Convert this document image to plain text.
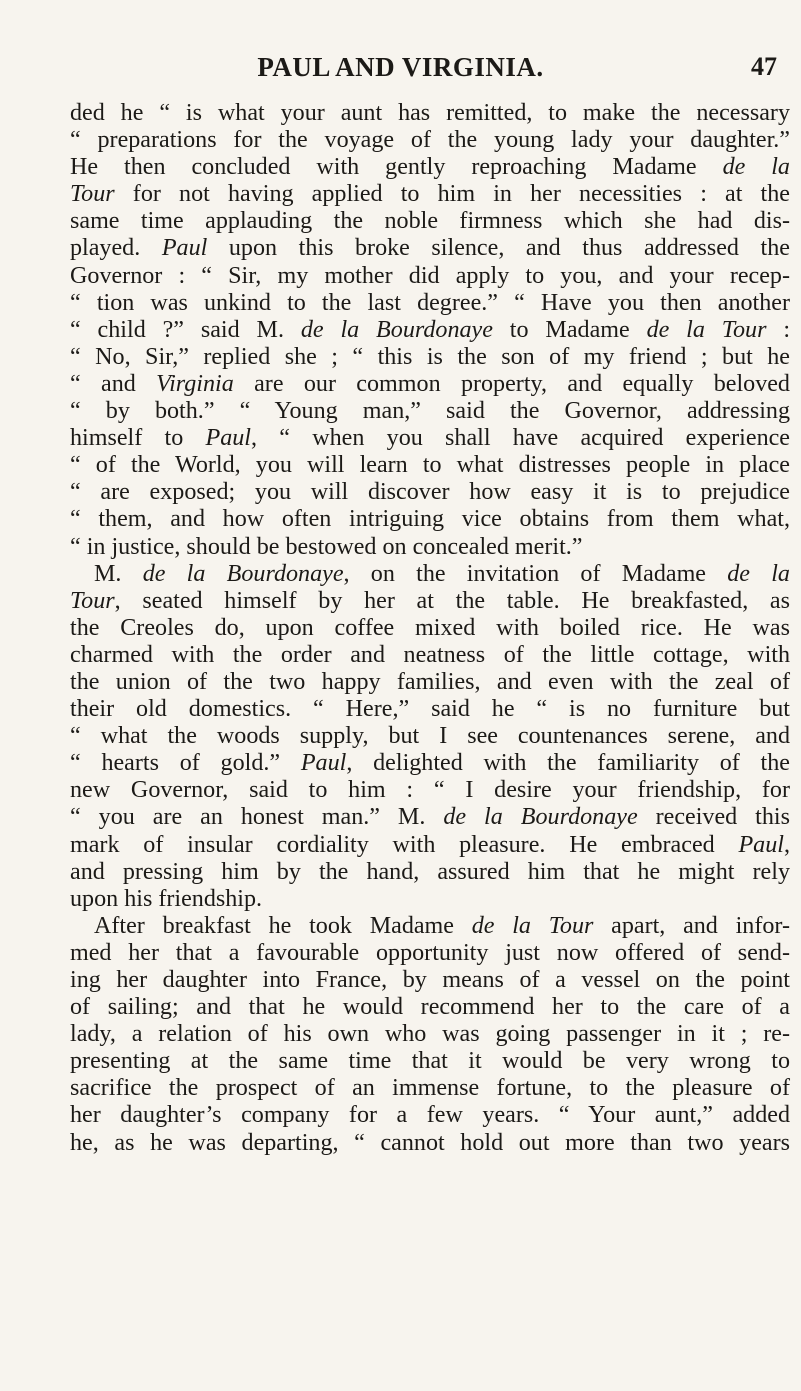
PAUL AND VIRGINIA.	47
ded he “ is what your aunt has remitted, to make the necessary
“ preparations for the voyage of the young lady your daughter.”
He then concluded with gently reproaching Madame de la
Tour for not having applied to him in her necessities : at the
same time applauding the noble firmness which she had dis-
played. Paul upon this broke silence, and thus addressed the
Governor : “ Sir, my mother did apply to you, and your recep-
“ tion was unkind to the last degree.” “ Have you then another
“ child ?” said M. de la Bourdonaye to Madame de la Tour :
“ No, Sir,” replied she ; “ this is the son of my friend ; but he
“ and Virginia are our common property, and equally beloved
“ by both.” “ Young man,” said the Governor, addressing
himself to Paul, “ when you shall have acquired experience
“ of the World, you will learn to what distresses people in place
“ are exposed; you will discover how easy it is to prejudice
“ them, and how often intriguing vice obtains from them what,
“ in justice, should be bestowed on concealed merit.”
M. de la Bourdonaye, on the invitation of Madame de la
Tour, seated himself by her at the table. He breakfasted, as
the Creoles do, upon coffee mixed with boiled rice. He was
charmed with the order and neatness of the little cottage, with
the union of the two happy families, and even with the zeal of
their old domestics. “ Here,” said he “ is no furniture but
“ what the woods supply, but I see countenances serene, and
“ hearts of gold.” Paul, delighted with the familiarity of the
new Governor, said to him : “ I desire your friendship, for
“ you are an honest man.” M. de la Bourdonaye received this
mark of insular cordiality with pleasure. He embraced Paul,
and pressing him by the hand, assured him that he might rely
upon his friendship.
After breakfast he took Madame de la Tour apart, and infor-
med her that a favourable opportunity just now offered of send-
ing her daughter into France, by means of a vessel on the point
of sailing; and that he would recommend her to the care of a
lady, a relation of his own who was going passenger in it ; re-
presenting at the same time that it would be very wrong to
sacrifice the prospect of an immense fortune, to the pleasure of
her daughter’s company for a few years. “ Your aunt,” added
he, as he was departing, “ cannot hold out more than two years
